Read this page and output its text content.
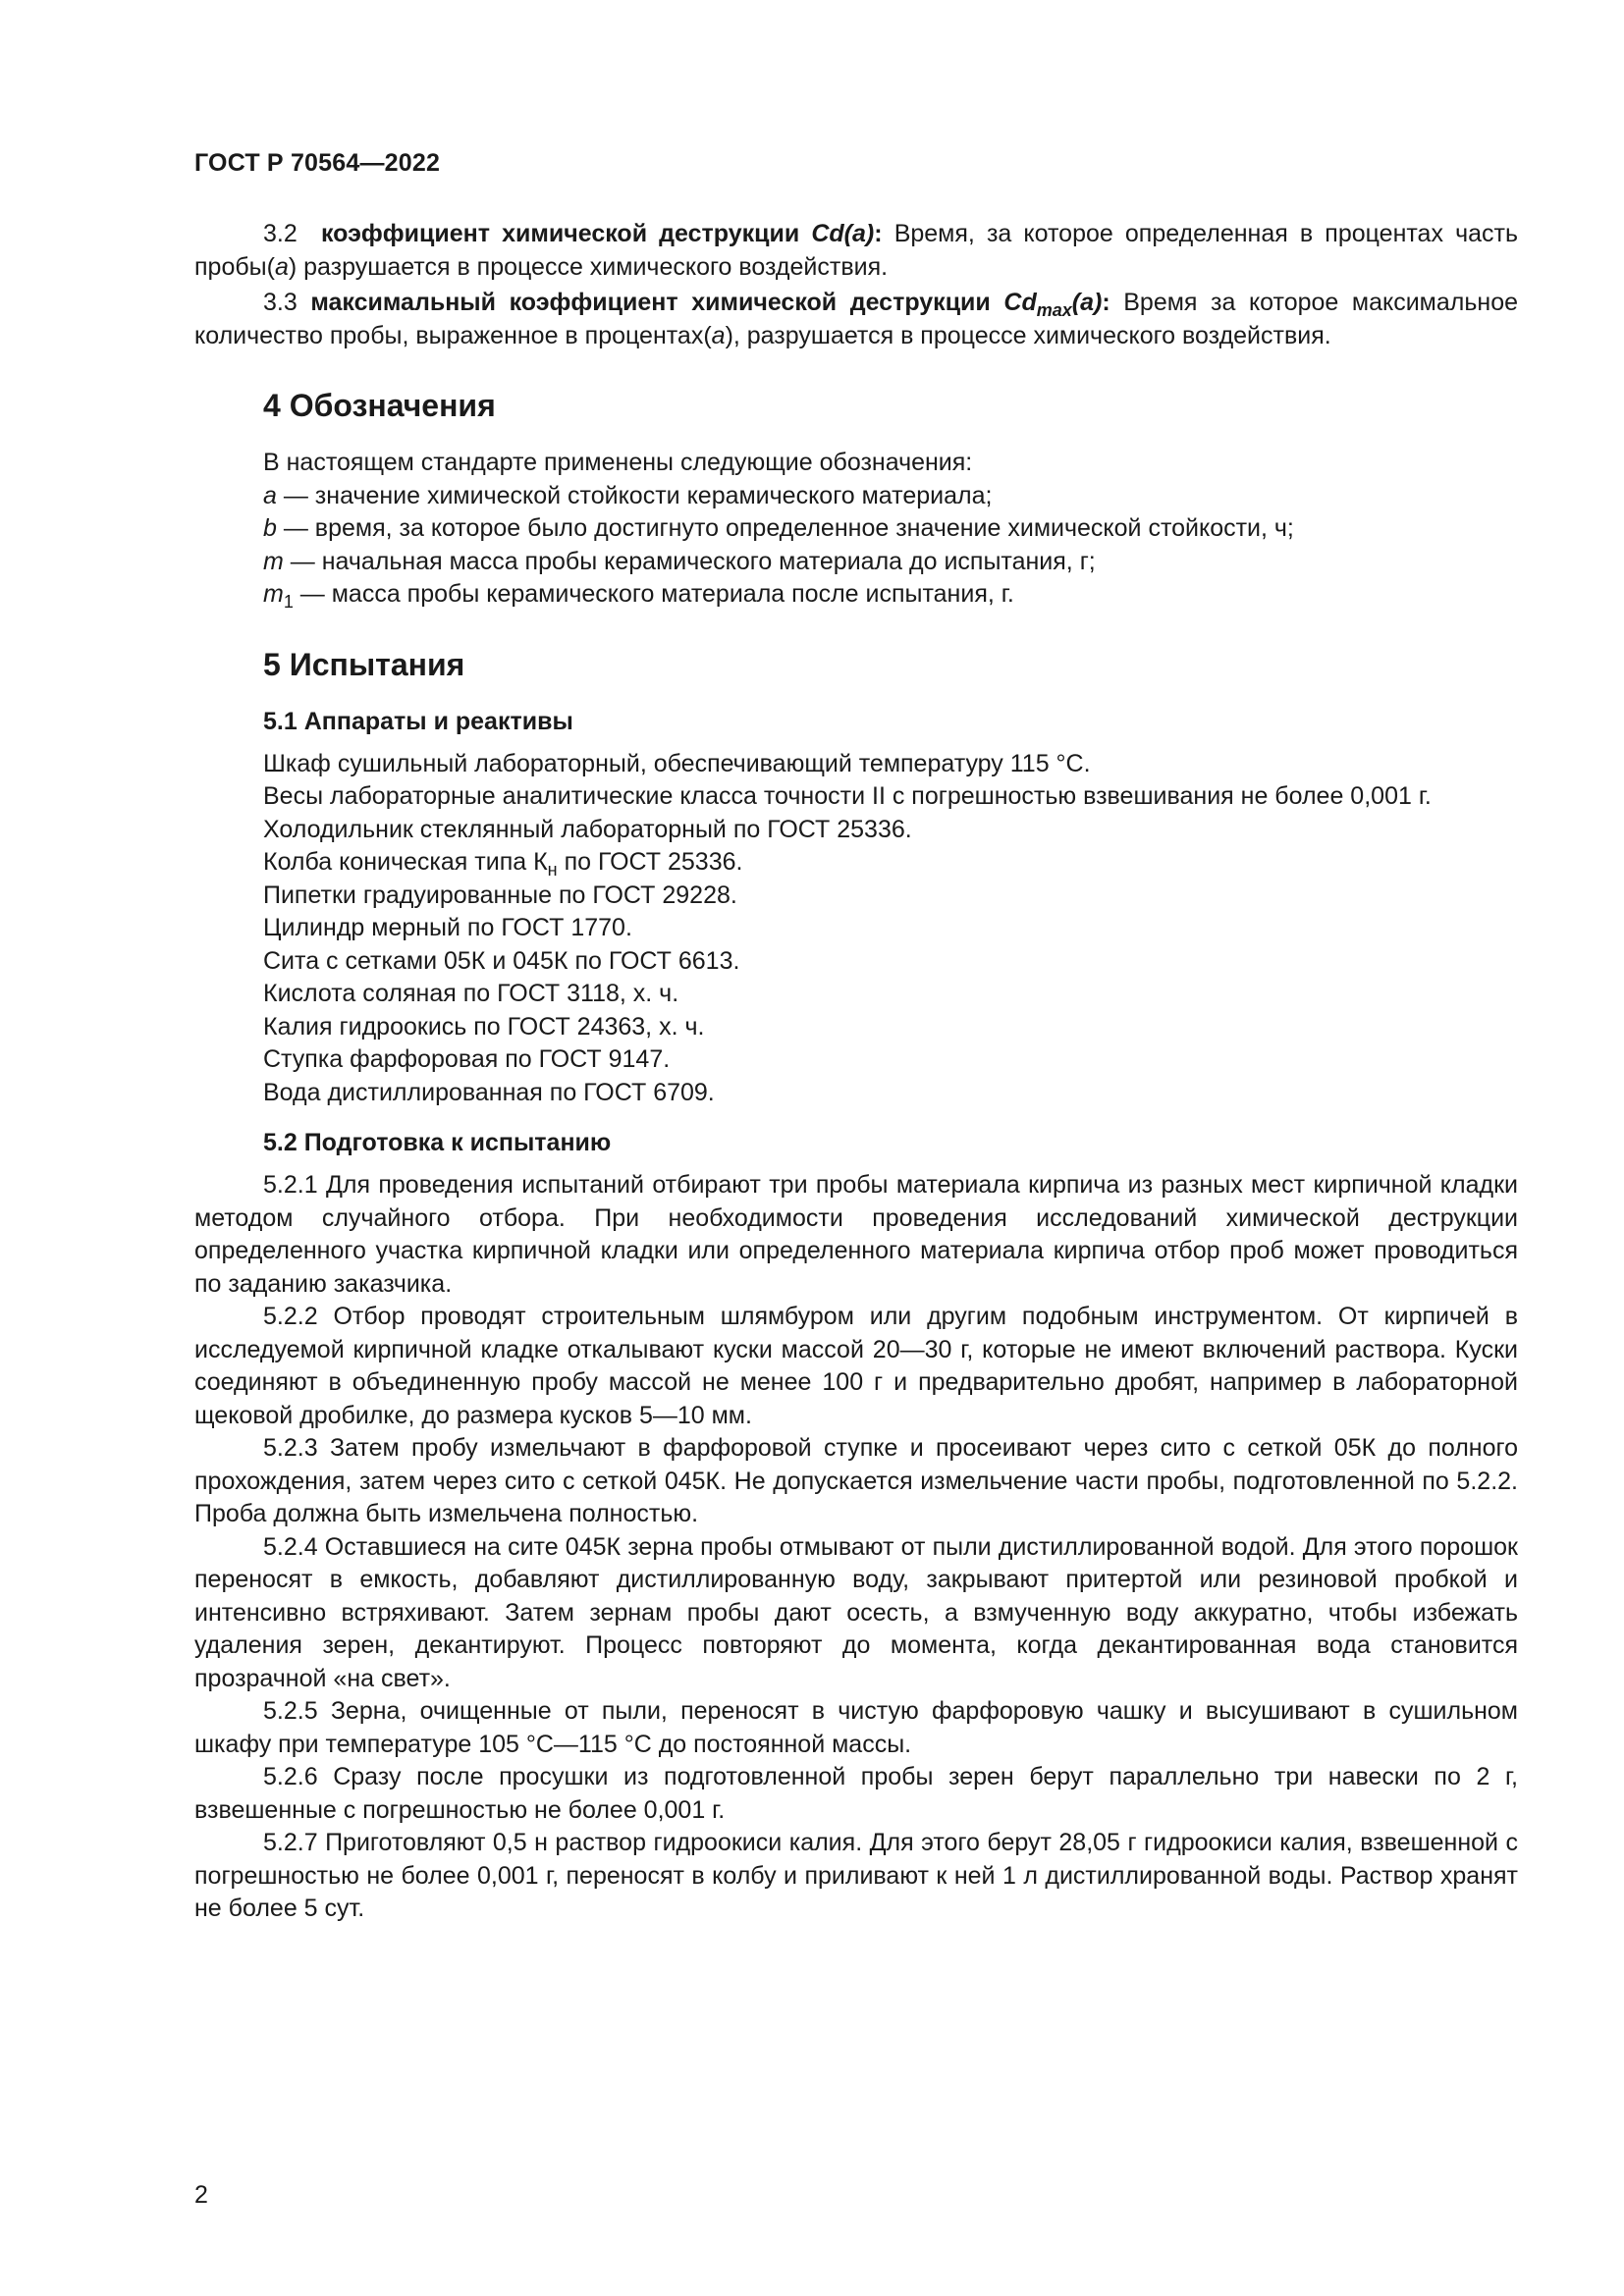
ГОСТ Р 70564—2022

3.2 коэффициент химической деструкции Cd(a): Время, за которое определенная в процентах часть пробы(a) разрушается в процессе химического воздействия.

3.3 максимальный коэффициент химической деструкции $Cd_{max}(a)$: Время за которое максимальное количество пробы, выраженное в процентах(a), разрушается в процессе химического воздействия.

4 Обозначения

В настоящем стандарте применены следующие обозначения:

a — значение химической стойкости керамического материала;

b — время, за которое было достигнуто определенное значение химической стойкости, ч;

m — начальная масса пробы керамического материала до испытания, г;

$m_1$ — масса пробы керамического материала после испытания, г.

5 Испытания
5.1 Аппараты и реактивы

Шкаф сушильный лабораторный, обеспечивающий температуру 115 °С.

Весы лабораторные аналитические класса точности II с погрешностью взвешивания не более 0,001 г.

Холодильник стеклянный лабораторный по ГОСТ 25336.

Колба коническая типа $К_н$ по ГОСТ 25336.

Пипетки градуированные по ГОСТ 29228.

Цилиндр мерный по ГОСТ 1770.

Сита с сетками 05К и 045К по ГОСТ 6613.

Кислота соляная по ГОСТ 3118, х. ч.

Калия гидроокись по ГОСТ 24363, х. ч.

Ступка фарфоровая по ГОСТ 9147.

Вода дистиллированная по ГОСТ 6709.

5.2 Подготовка к испытанию

5.2.1 Для проведения испытаний отбирают три пробы материала кирпича из разных мест кирпичной кладки методом случайного отбора. При необходимости проведения исследований химической деструкции определенного участка кирпичной кладки или определенного материала кирпича отбор проб может проводиться по заданию заказчика.

5.2.2 Отбор проводят строительным шлямбуром или другим подобным инструментом. От кирпичей в исследуемой кирпичной кладке откалывают куски массой 20—30 г, которые не имеют включений раствора. Куски соединяют в объединенную пробу массой не менее 100 г и предварительно дробят, например в лабораторной щековой дробилке, до размера кусков 5—10 мм.

5.2.3 Затем пробу измельчают в фарфоровой ступке и просеивают через сито с сеткой 05К до полного прохождения, затем через сито с сеткой 045К. Не допускается измельчение части пробы, подготовленной по 5.2.2. Проба должна быть измельчена полностью.

5.2.4 Оставшиеся на сите 045К зерна пробы отмывают от пыли дистиллированной водой. Для этого порошок переносят в емкость, добавляют дистиллированную воду, закрывают притертой или резиновой пробкой и интенсивно встряхивают. Затем зернам пробы дают осесть, а взмученную воду аккуратно, чтобы избежать удаления зерен, декантируют. Процесс повторяют до момента, когда декантированная вода становится прозрачной «на свет».

5.2.5 Зерна, очищенные от пыли, переносят в чистую фарфоровую чашку и высушивают в сушильном шкафу при температуре 105 °С—115 °С до постоянной массы.

5.2.6 Сразу после просушки из подготовленной пробы зерен берут параллельно три навески по 2 г, взвешенные с погрешностью не более 0,001 г.

5.2.7 Приготовляют 0,5 н раствор гидроокиси калия. Для этого берут 28,05 г гидроокиси калия, взвешенной с погрешностью не более 0,001 г, переносят в колбу и приливают к ней 1 л дистиллированной воды. Раствор хранят не более 5 сут.

2
